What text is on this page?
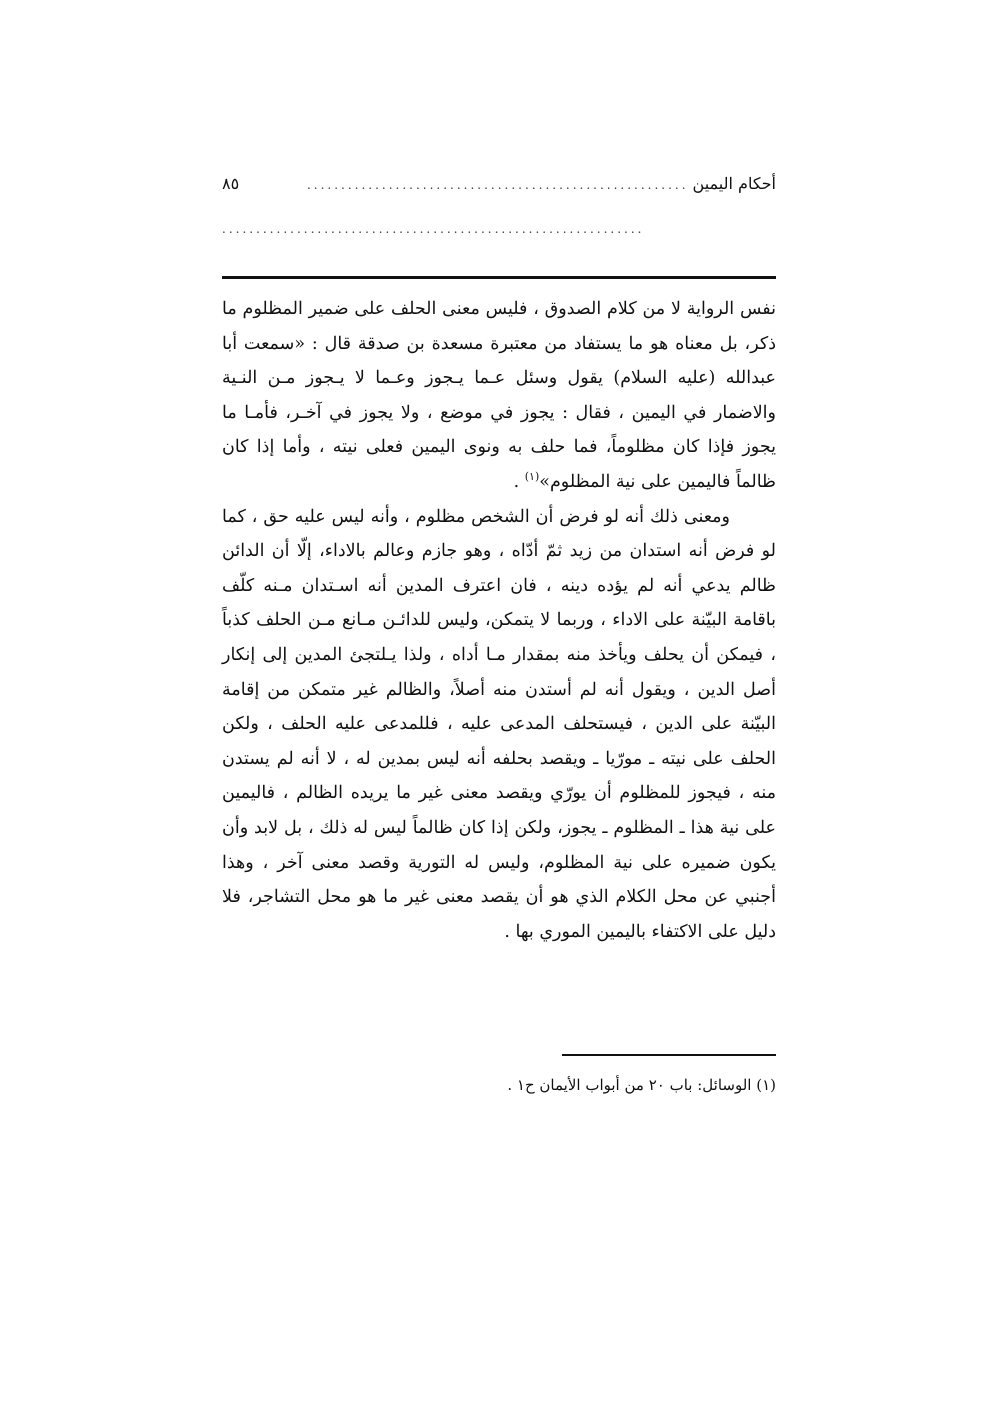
أحكام اليمين
........................................................
٨٥
..............................................................

نفس الرواية لا من كلام الصدوق ، فليس معنى الحلف على ضمير المظلوم ما ذكر، بل معناه هو ما يستفاد من معتبرة مسعدة بن صدقة قال : «سمعت أبا عبدالله (عليه السلام) يقول وسئل عـما يـجوز وعـما لا يـجوز مـن النـية والاضمار في اليمين ، فقال : يجوز في موضع ، ولا يجوز في آخـر، فأمـا ما يجوز فإذا كان مظلوماً، فما حلف به ونوى اليمين فعلى نيته ، وأما إذا كان ظالماً فاليمين على نية المظلوم»$^{(١)}$ .

ومعنى ذلك أنه لو فرض أن الشخص مظلوم ، وأنه ليس عليه حق ، كما لو فرض أنه استدان من زيد ثمّ أدّاه ، وهو جازم وعالم بالاداء، إلّا أن الدائن ظالم يدعي أنه لم يؤده دينه ، فان اعترف المدين أنه اسـتدان مـنه كلّف باقامة البيّنة على الاداء ، وربما لا يتمكن، وليس للدائـن مـانع مـن الحلف كذباً ، فيمكن أن يحلف ويأخذ منه بمقدار مـا أداه ، ولذا يـلتجئ المدين إلى إنكار أصل الدين ، ويقول أنه لم أستدن منه أصلاً، والظالم غير متمكن من إقامة البيّنة على الدين ، فيستحلف المدعى عليه ، فللمدعى عليه الحلف ، ولكن الحلف على نيته ـ مورّيا ـ ويقصد بحلفه أنه ليس بمدين له ، لا أنه لم يستدن منه ، فيجوز للمظلوم أن يورّي ويقصد معنى غير ما يريده الظالم ، فاليمين على نية هذا ـ المظلوم ـ يجوز، ولكن إذا كان ظالماً ليس له ذلك ، بل لابد وأن يكون ضميره على نية المظلوم، وليس له التورية وقصد معنى آخر ، وهذا أجنبي عن محل الكلام الذي هو أن يقصد معنى غير ما هو محل التشاجر، فلا دليل على الاكتفاء باليمين الموري بها .

(١) الوسائل: باب ٢٠ من أبواب الأيمان ح١ .
